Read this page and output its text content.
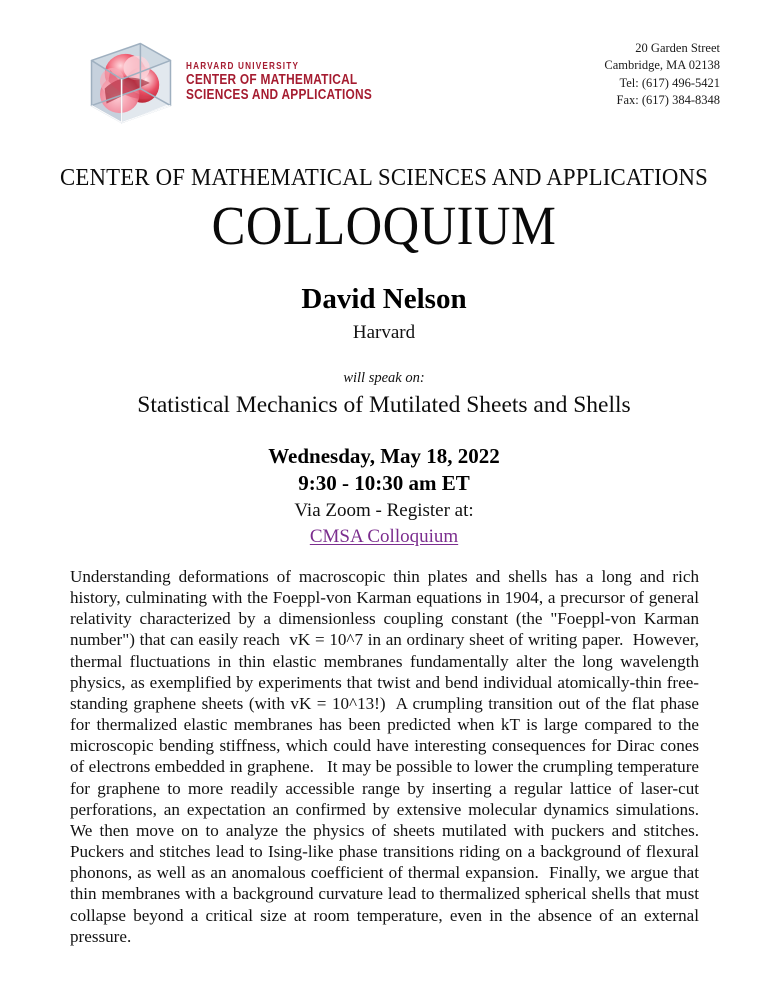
HARVARD UNIVERSITY
CENTER OF MATHEMATICAL
SCIENCES AND APPLICATIONS
20 Garden Street
Cambridge, MA 02138
Tel: (617) 496-5421
Fax: (617) 384-8348
CENTER OF MATHEMATICAL SCIENCES AND APPLICATIONS
COLLOQUIUM
David Nelson
Harvard
will speak on:
Statistical Mechanics of Mutilated Sheets and Shells
Wednesday, May 18, 2022
9:30 - 10:30 am ET
Via Zoom - Register at:
CMSA Colloquium
Understanding deformations of macroscopic thin plates and shells has a long and rich history, culminating with the Foeppl-von Karman equations in 1904, a precursor of general relativity characterized by a dimensionless coupling constant (the "Foeppl-von Karman number") that can easily reach  vK = 10^7 in an ordinary sheet of writing paper.  However, thermal fluctuations in thin elastic membranes fundamentally alter the long wavelength physics, as exemplified by experiments that twist and bend individual atomically-thin free-standing graphene sheets (with vK = 10^13!)  A crumpling transition out of the flat phase for thermalized elastic membranes has been predicted when kT is large compared to the microscopic bending stiffness, which could have interesting consequences for Dirac cones of electrons embedded in graphene.   It may be possible to lower the crumpling temperature for graphene to more readily accessible range by inserting a regular lattice of laser-cut perforations, an expectation an confirmed by extensive molecular dynamics simulations.   We then move on to analyze the physics of sheets mutilated with puckers and stitches.   Puckers and stitches lead to Ising-like phase transitions riding on a background of flexural phonons, as well as an anomalous coefficient of thermal expansion.  Finally, we argue that thin membranes with a background curvature lead to thermalized spherical shells that must collapse beyond a critical size at room temperature, even in the absence of an external pressure.
